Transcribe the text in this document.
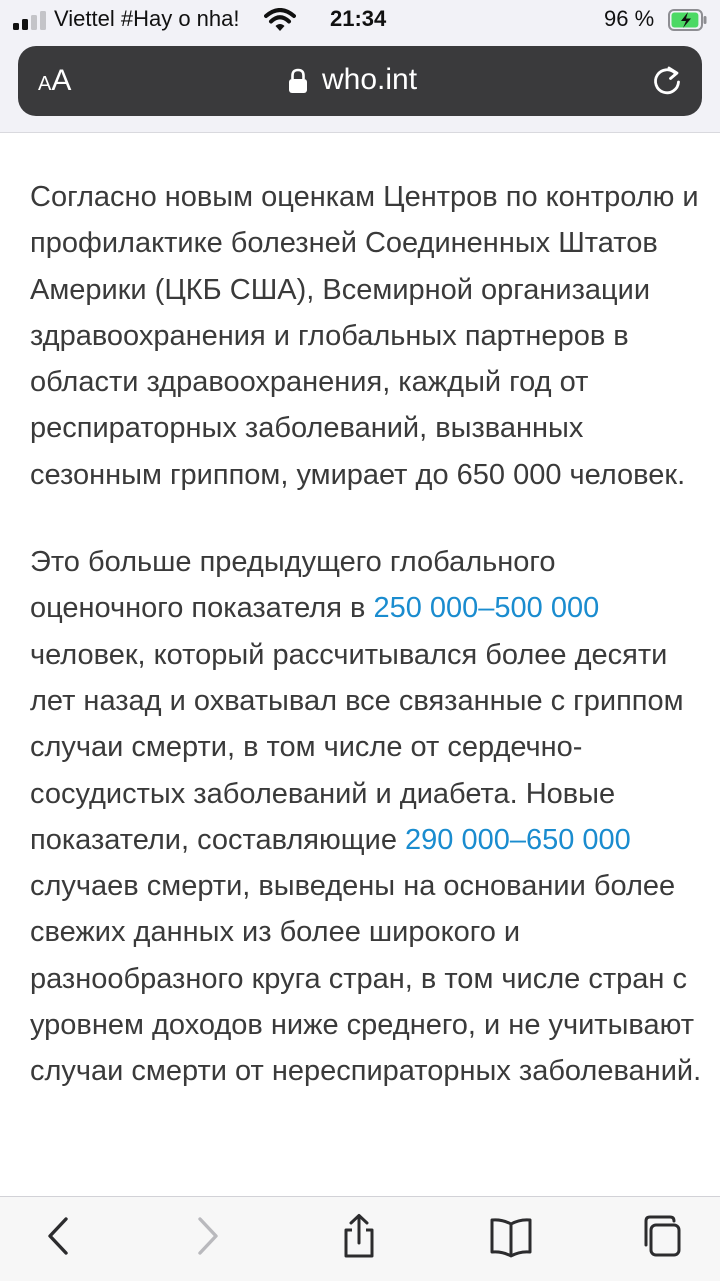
Viettel #Hay o nha!	21:34	96 %
AA	who.int

Согласно новым оценкам Центров по контролю и профилактике болезней Соединенных Штатов Америки (ЦКБ США), Всемирной организации здравоохранения и глобальных партнеров в области здравоохранения, каждый год от респираторных заболеваний, вызванных сезонным гриппом, умирает до 650 000 человек.

Это больше предыдущего глобального оценочного показателя в 250 000–500 000 человек, который рассчитывался более десяти лет назад и охватывал все связанные с гриппом случаи смерти, в том числе от сердечно-сосудистых заболеваний и диабета. Новые показатели, составляющие 290 000–650 000 случаев смерти, выведены на основании более свежих данных из более широкого и разнообразного круга стран, в том числе стран с уровнем доходов ниже среднего, и не учитывают случаи смерти от нереспираторных заболеваний.
